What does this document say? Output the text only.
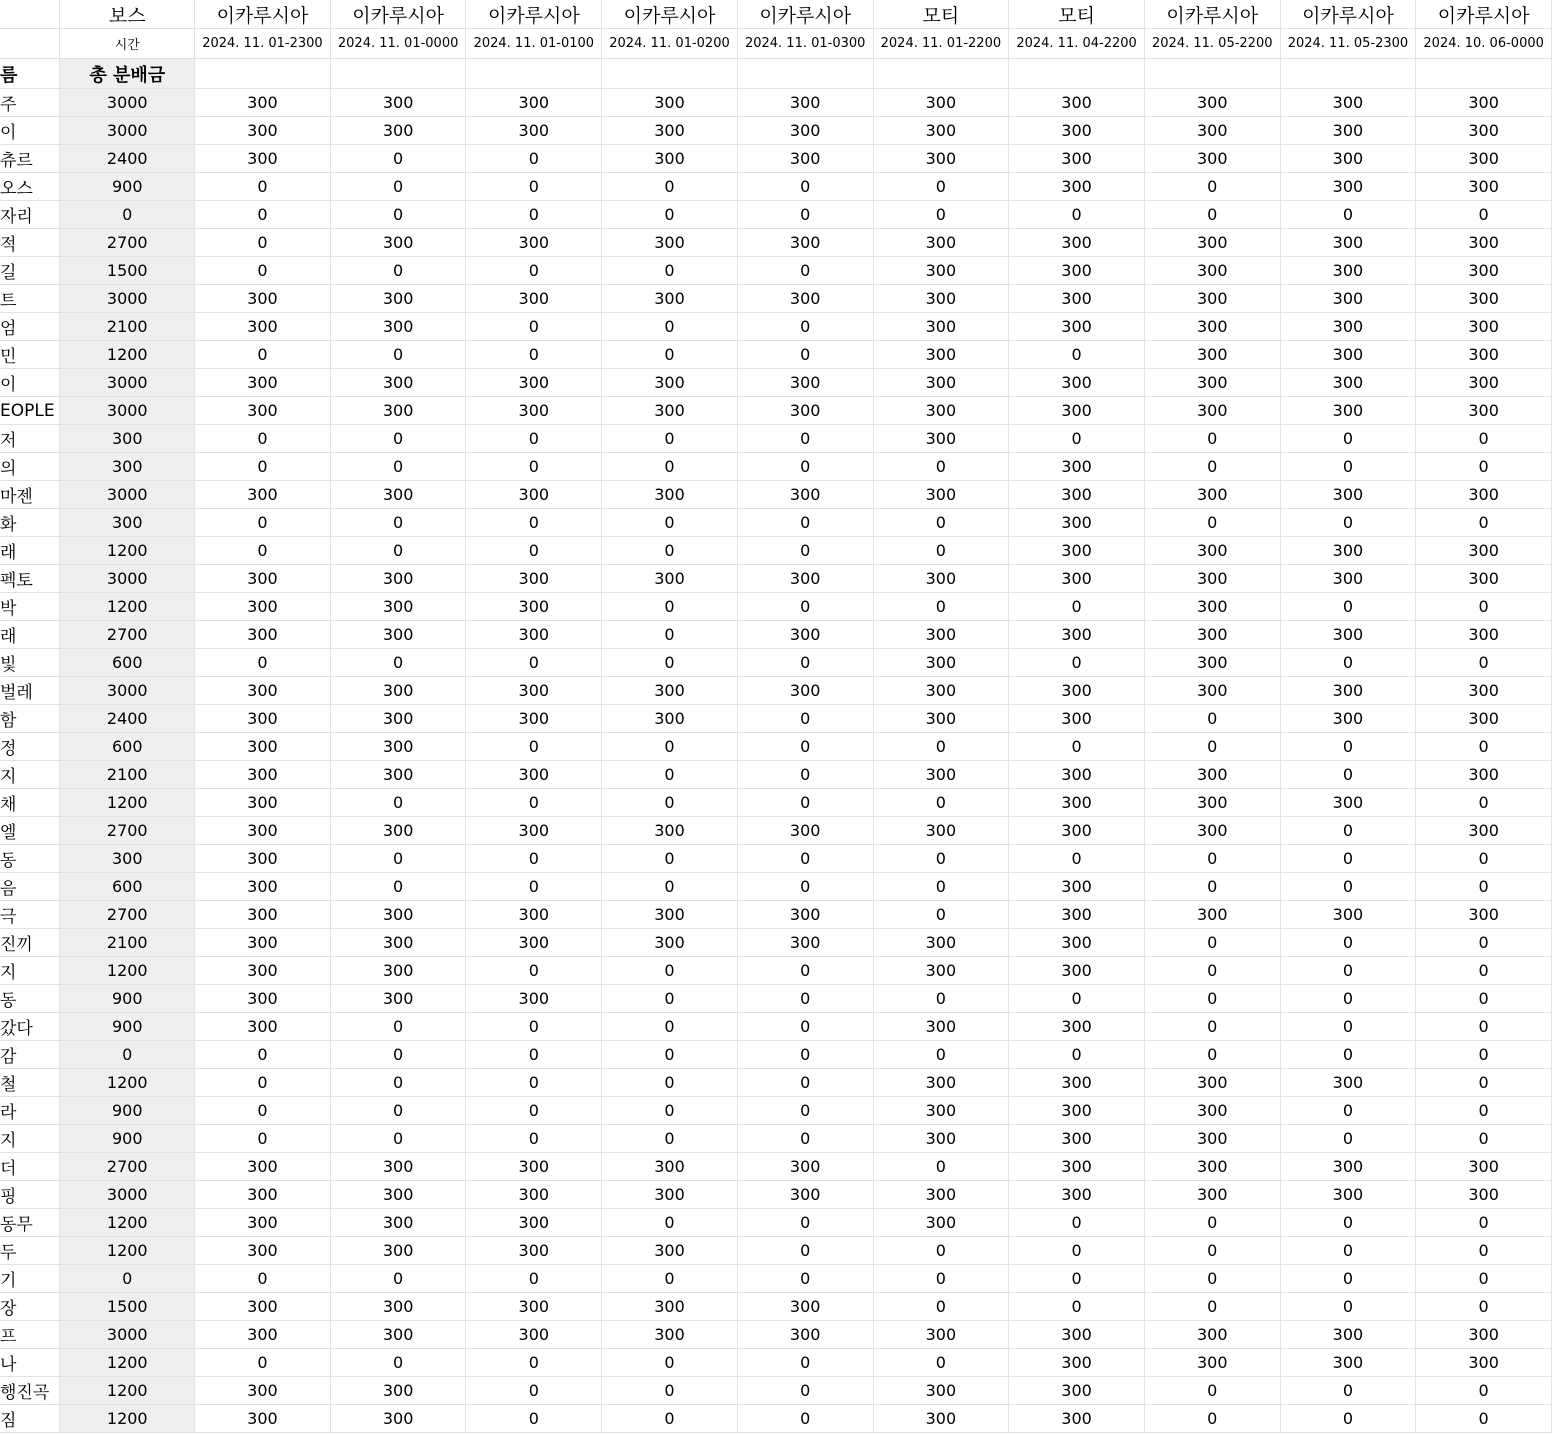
	보스	이카루시아	이카루시아	이카루시아	이카루시아	이카루시아	모티	모티	이카루시아	이카루시아	이카루시아
	시간	2024. 11. 01-2300	2024. 11. 01-0000	2024. 11. 01-0100	2024. 11. 01-0200	2024. 11. 01-0300	2024. 11. 01-2200	2024. 11. 04-2200	2024. 11. 05-2200	2024. 11. 05-2300	2024. 10. 06-0000
름	총 분배금										
주	3000	300	300	300	300	300	300	300	300	300	300
이	3000	300	300	300	300	300	300	300	300	300	300
츄르	2400	300	0	0	300	300	300	300	300	300	300
오스	900	0	0	0	0	0	0	300	0	300	300
자리	0	0	0	0	0	0	0	0	0	0	0
적	2700	0	300	300	300	300	300	300	300	300	300
길	1500	0	0	0	0	0	300	300	300	300	300
트	3000	300	300	300	300	300	300	300	300	300	300
엄	2100	300	300	0	0	0	300	300	300	300	300
민	1200	0	0	0	0	0	300	0	300	300	300
이	3000	300	300	300	300	300	300	300	300	300	300
EOPLE	3000	300	300	300	300	300	300	300	300	300	300
저	300	0	0	0	0	0	300	0	0	0	0
의	300	0	0	0	0	0	0	300	0	0	0
마젠	3000	300	300	300	300	300	300	300	300	300	300
화	300	0	0	0	0	0	0	300	0	0	0
래	1200	0	0	0	0	0	0	300	300	300	300
펙토	3000	300	300	300	300	300	300	300	300	300	300
박	1200	300	300	300	0	0	0	0	300	0	0
래	2700	300	300	300	0	300	300	300	300	300	300
빛	600	0	0	0	0	0	300	0	300	0	0
벌레	3000	300	300	300	300	300	300	300	300	300	300
함	2400	300	300	300	300	0	300	300	0	300	300
정	600	300	300	0	0	0	0	0	0	0	0
지	2100	300	300	300	0	0	300	300	300	0	300
채	1200	300	0	0	0	0	0	300	300	300	0
엘	2700	300	300	300	300	300	300	300	300	0	300
동	300	300	0	0	0	0	0	0	0	0	0
음	600	300	0	0	0	0	0	300	0	0	0
극	2700	300	300	300	300	300	0	300	300	300	300
진끼	2100	300	300	300	300	300	300	300	0	0	0
지	1200	300	300	0	0	0	300	300	0	0	0
동	900	300	300	300	0	0	0	0	0	0	0
갔다	900	300	0	0	0	0	300	300	0	0	0
감	0	0	0	0	0	0	0	0	0	0	0
철	1200	0	0	0	0	0	300	300	300	300	0
라	900	0	0	0	0	0	300	300	300	0	0
지	900	0	0	0	0	0	300	300	300	0	0
더	2700	300	300	300	300	300	0	300	300	300	300
핑	3000	300	300	300	300	300	300	300	300	300	300
동무	1200	300	300	300	0	0	300	0	0	0	0
두	1200	300	300	300	300	0	0	0	0	0	0
기	0	0	0	0	0	0	0	0	0	0	0
장	1500	300	300	300	300	300	0	0	0	0	0
프	3000	300	300	300	300	300	300	300	300	300	300
나	1200	0	0	0	0	0	0	300	300	300	300
행진곡	1200	300	300	0	0	0	300	300	0	0	0
짐	1200	300	300	0	0	0	300	300	0	0	0
